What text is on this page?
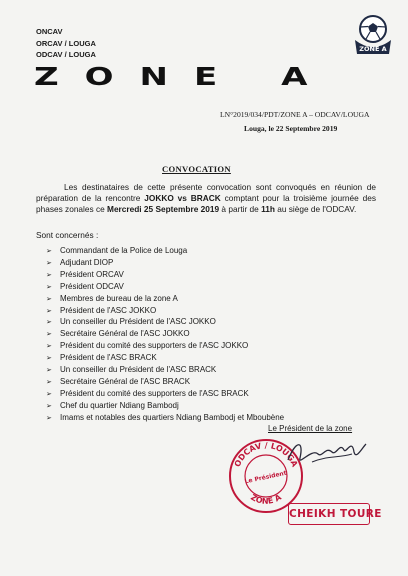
ONCAV
ORCAV / LOUGA
ODCAV / LOUGA
ZONE A
ZONE A
LN°2019/034/PDT/ZONE A – ODCAV/LOUGA
Louga, le 22 Septembre 2019
CONVOCATION
Les destinataires de cette présente convocation sont convoqués en réunion de préparation de la rencontre JOKKO vs BRACK comptant pour la troisième journée des phases zonales ce Mercredi 25 Septembre 2019 à partir de 11h au siège de l'ODCAV.
Sont concernés :
➢ Commandant de la Police de Louga
➢ Adjudant DIOP
➢ Président ORCAV
➢ Président ODCAV
➢ Membres de bureau de la zone A
➢ Président de l'ASC JOKKO
➢ Un conseiller du Président de l'ASC JOKKO
➢ Secrétaire Général de l'ASC JOKKO
➢ Président du comité des supporters de l'ASC JOKKO
➢ Président de l'ASC BRACK
➢ Un conseiller du Président de l'ASC BRACK
➢ Secrétaire Général de l'ASC BRACK
➢ Président du comité des supporters de l'ASC BRACK
➢ Chef du quartier Ndiang Bambodj
➢ Imams et notables des quartiers Ndiang Bambodj et Mboubène
Le Président de la zone
ODCAV / LOUGA
Le Président
ZONE A
CHEIKH TOURE
